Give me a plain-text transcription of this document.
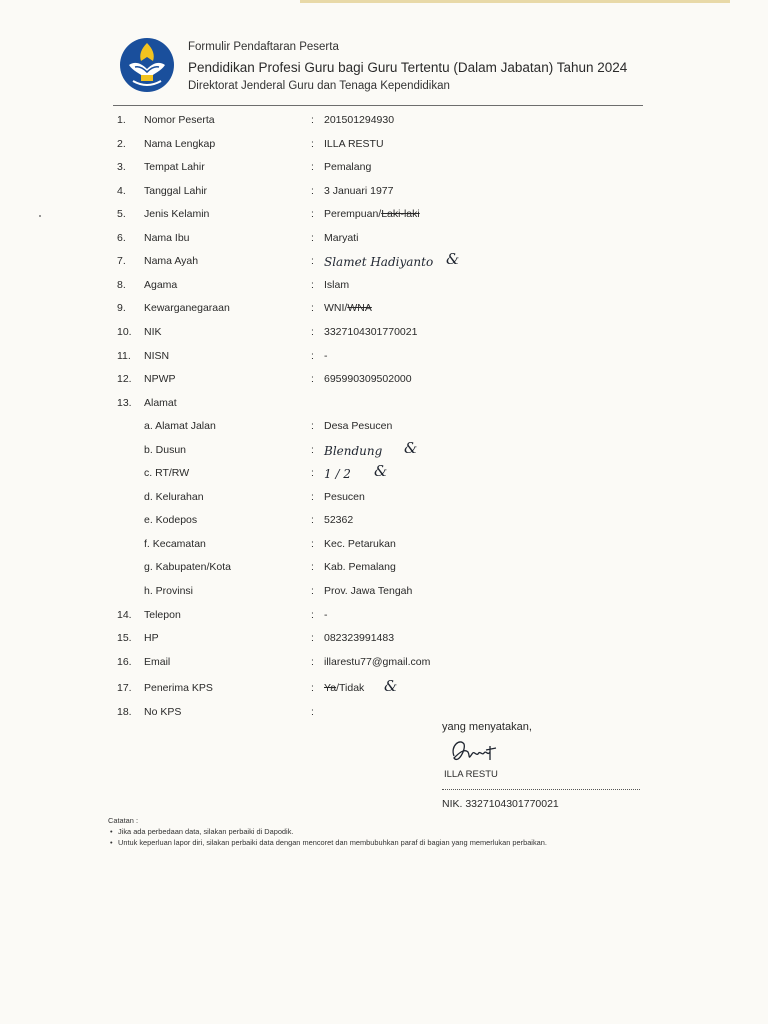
Formulir Pendaftaran Peserta
Pendidikan Profesi Guru bagi Guru Tertentu (Dalam Jabatan) Tahun 2024
Direktorat Jenderal Guru dan Tenaga Kependidikan
1. Nomor Peserta	: 201501294930
2. Nama Lengkap	: ILLA RESTU
3. Tempat Lahir	: Pemalang
4. Tanggal Lahir	: 3 Januari 1977
5. Jenis Kelamin	: Perempuan/Laki-laki
6. Nama Ibu	: Maryati
7. Nama Ayah	: Slamet Hadiyanto &
8. Agama	: Islam
9. Kewarganegaraan	: WNI/WNA
10. NIK	: 3327104301770021
11. NISN	: -
12. NPWP	: 695990309502000
13. Alamat
a. Alamat Jalan	: Desa Pesucen
b. Dusun	: Blendung &
c. RT/RW	: 1 / 2 &
d. Kelurahan	: Pesucen
e. Kodepos	: 52362
f. Kecamatan	: Kec. Petarukan
g. Kabupaten/Kota	: Kab. Pemalang
h. Provinsi	: Prov. Jawa Tengah
14. Telepon	: -
15. HP	: 082323991483
16. Email	: illarestu77@gmail.com
17. Penerima KPS	: Ya/Tidak &
18. No KPS	:
yang menyatakan,
ILLA RESTU
NIK. 3327104301770021
Catatan :
• Jika ada perbedaan data, silakan perbaiki di Dapodik.
• Untuk keperluan lapor diri, silakan perbaiki data dengan mencoret dan membubuhkan paraf di bagian yang memerlukan perbaikan.
